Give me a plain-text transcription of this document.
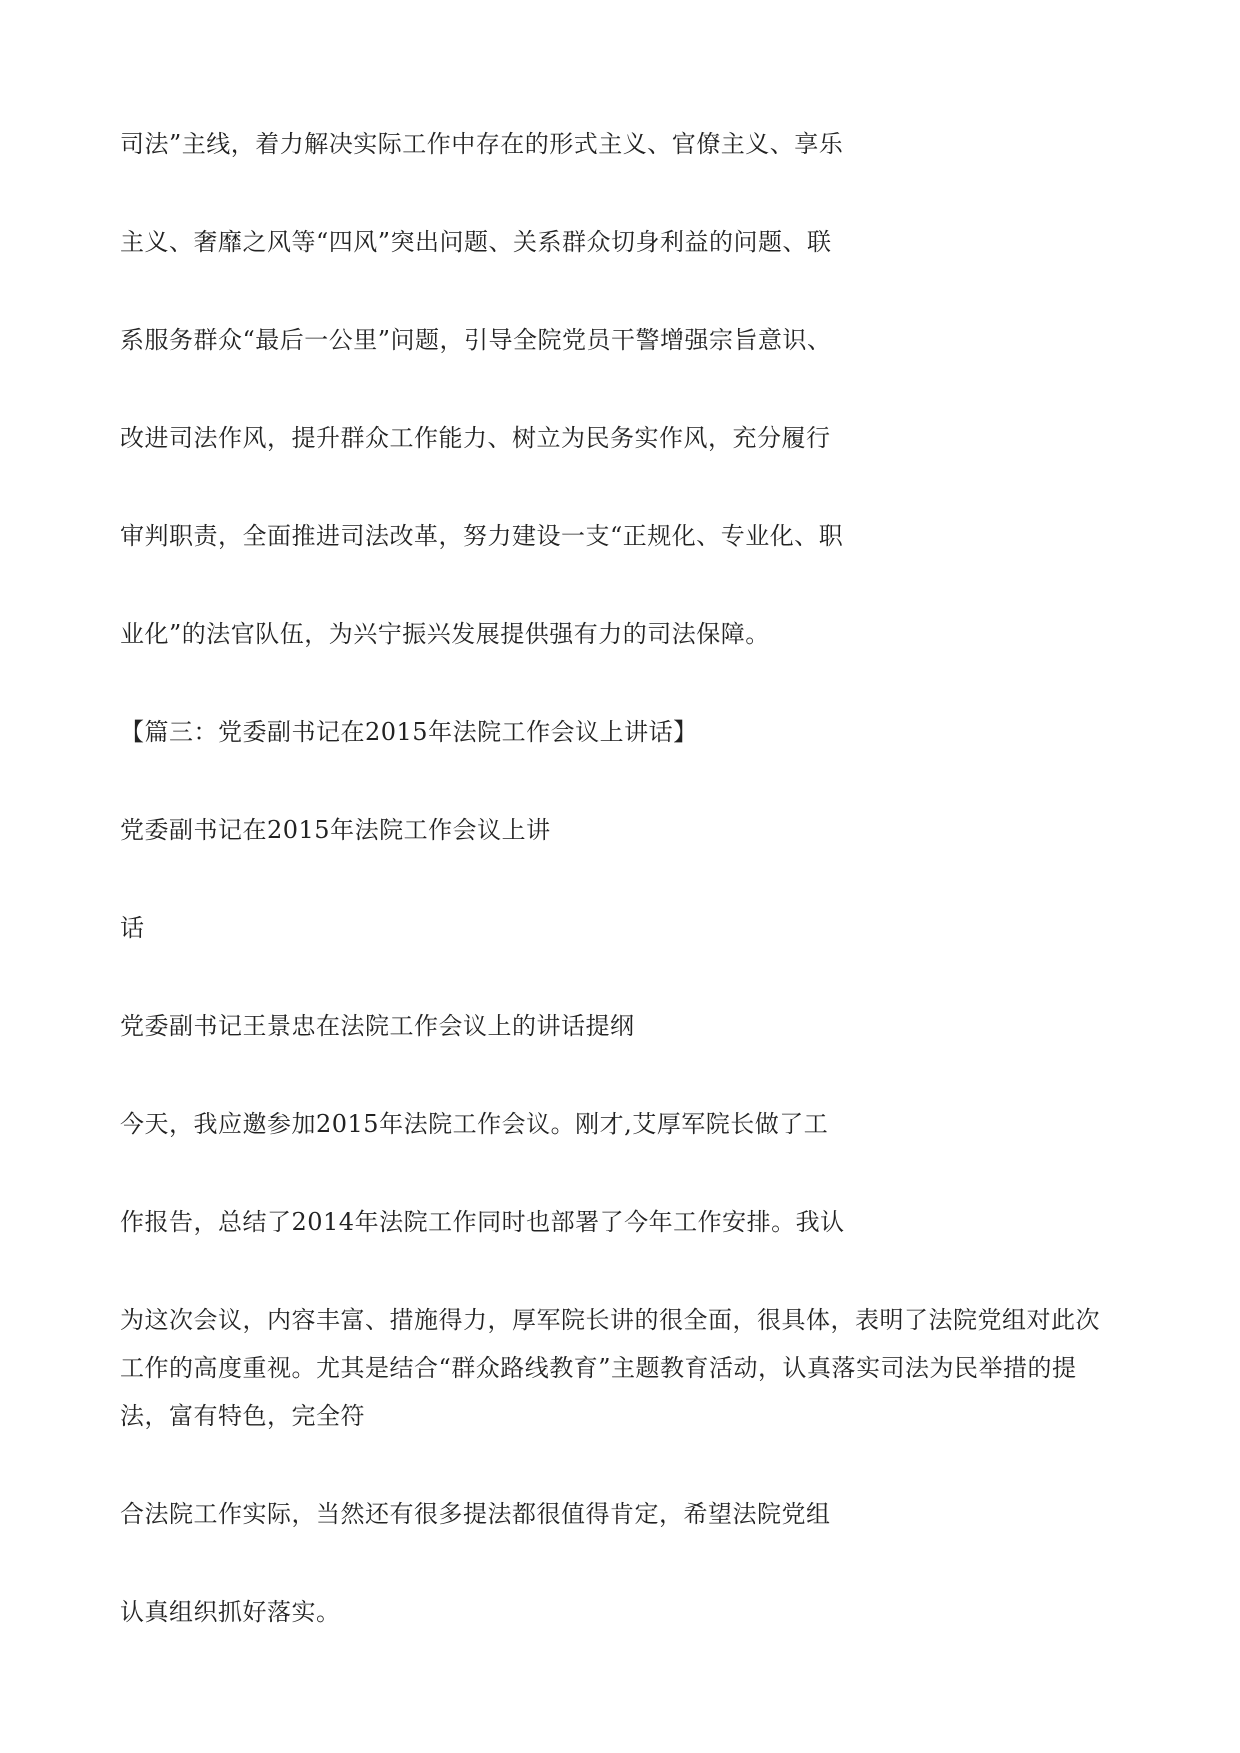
司法”主线，着力解决实际工作中存在的形式主义、官僚主义、享乐

主义、奢靡之风等“四风”突出问题、关系群众切身利益的问题、联

系服务群众“最后一公里”问题，引导全院党员干警增强宗旨意识、

改进司法作风，提升群众工作能力、树立为民务实作风，充分履行

审判职责，全面推进司法改革，努力建设一支“正规化、专业化、职

业化”的法官队伍，为兴宁振兴发展提供强有力的司法保障。

【篇三：党委副书记在2015年法院工作会议上讲话】

党委副书记在2015年法院工作会议上讲

话

党委副书记王景忠在法院工作会议上的讲话提纲

今天，我应邀参加2015年法院工作会议。刚才,艾厚军院长做了工

作报告，总结了2014年法院工作同时也部署了今年工作安排。我认

为这次会议，内容丰富、措施得力，厚军院长讲的很全面，很具体，表明了法院党组对此次

工作的高度重视。尤其是结合“群众路线教育”主题教育活动，认真落实司法为民举措的提

法，富有特色，完全符

合法院工作实际，当然还有很多提法都很值得肯定，希望法院党组

认真组织抓好落实。
